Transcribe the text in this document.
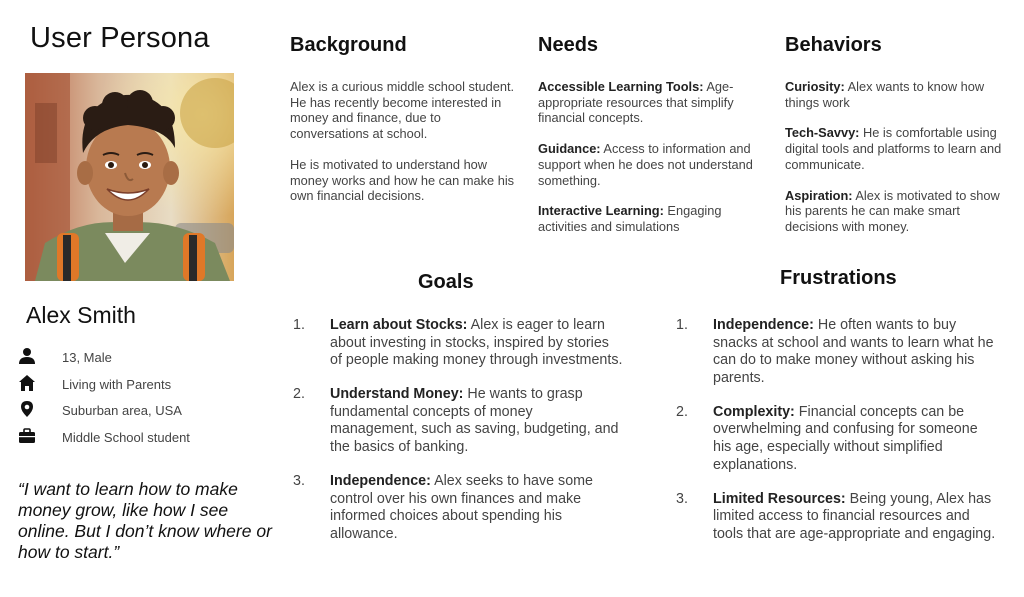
User Persona
Alex Smith
13, Male
Living with Parents
Suburban area, USA
Middle School student
“I want to learn how to make money grow, like how I see online. But I don’t know where or how to start.”
Background

Alex is a curious middle school student. He has recently become interested in money and finance, due to conversations at school.

He is motivated to understand how money works and how he can make his own financial decisions.

Needs

Accessible Learning Tools: Age-appropriate resources that simplify financial concepts.

Guidance: Access to information and support when he does not understand something.

Interactive Learning: Engaging activities and simulations

Behaviors

Curiosity: Alex wants to know how things work

Tech-Savvy: He is comfortable using digital tools and platforms to learn and communicate.

Aspiration: Alex is motivated to show his parents he can make smart decisions with money.

Goals
1. Learn about Stocks: Alex is eager to learn about investing in stocks, inspired by stories of people making money through investments.
2. Understand Money: He wants to grasp fundamental concepts of money management, such as saving, budgeting, and the basics of banking.
3. Independence: Alex seeks to have some control over his own finances and make informed choices about spending his allowance.
Frustrations
1. Independence: He often wants to buy snacks at school and wants to learn what he can do to make money without asking his parents.
2. Complexity: Financial concepts can be overwhelming and confusing for someone his age, especially without simplified explanations.
3. Limited Resources: Being young, Alex has limited access to financial resources and tools that are age-appropriate and engaging.
